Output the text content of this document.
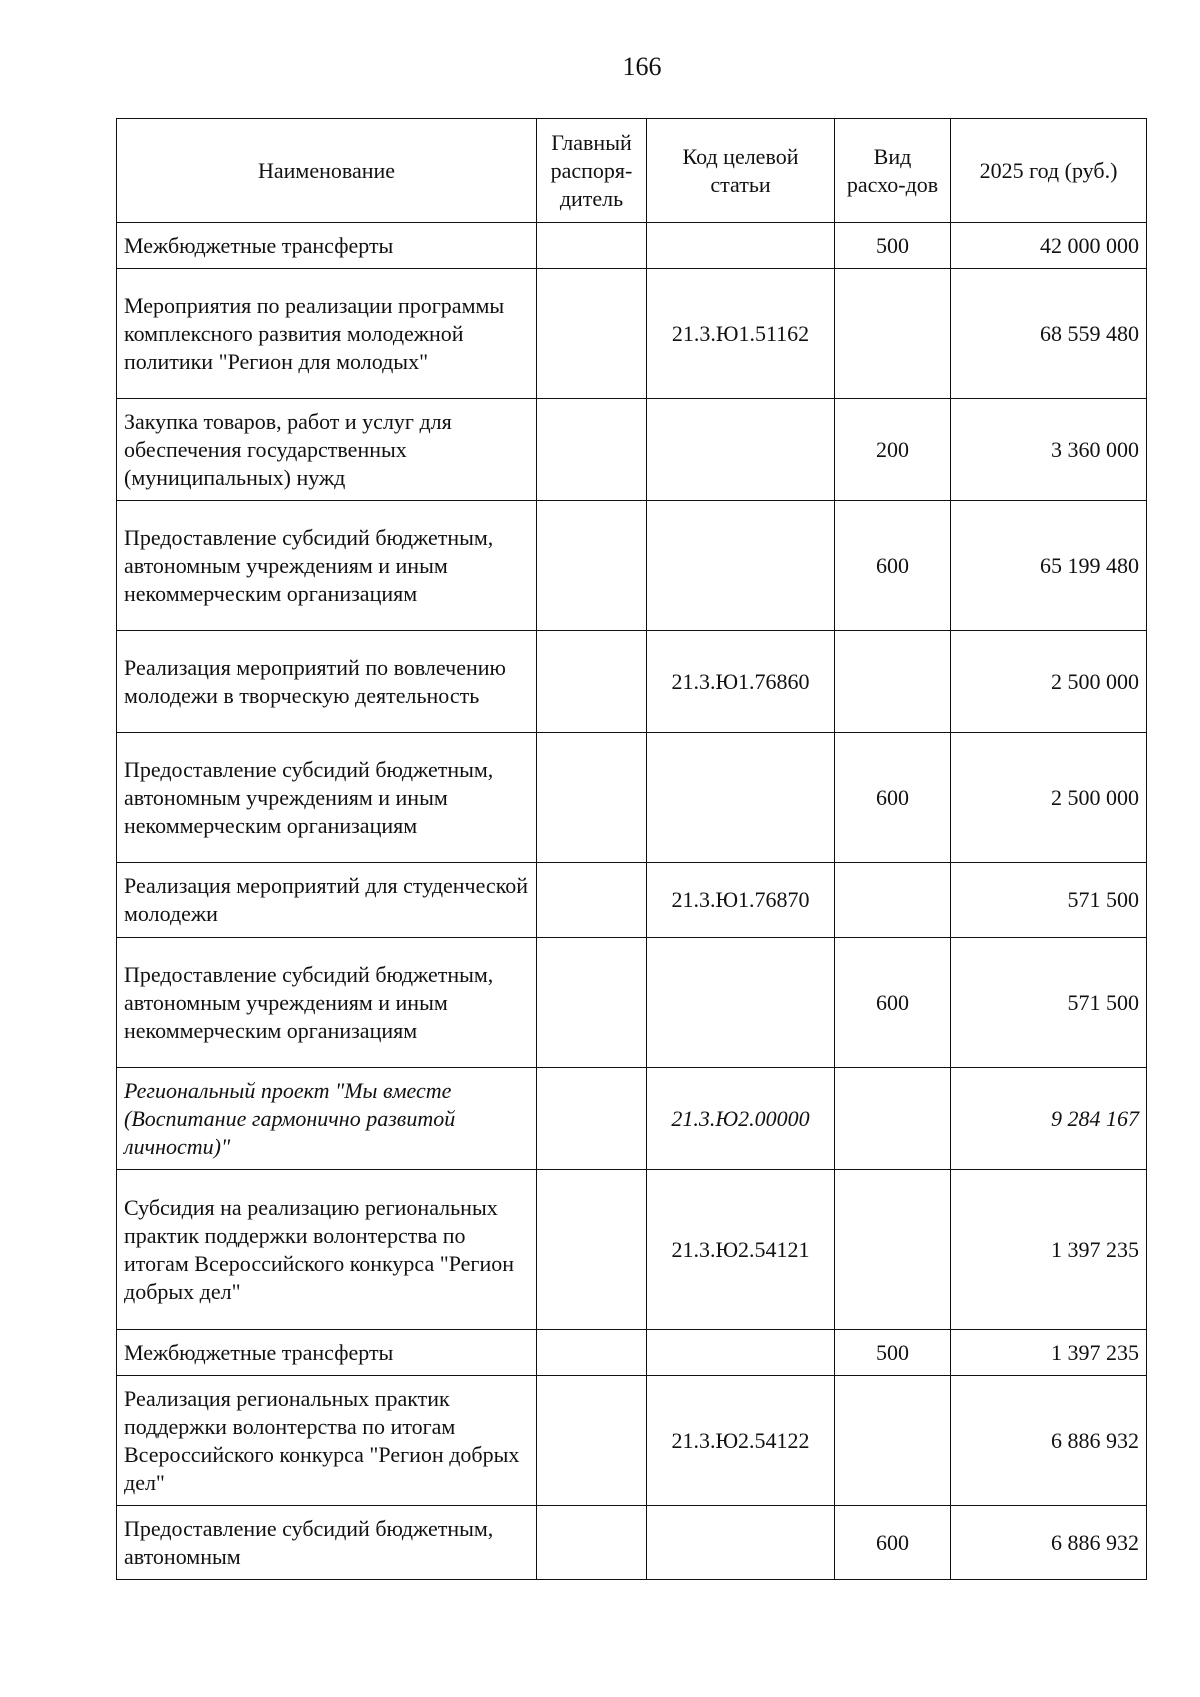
166
Наименование	Главный распоря-дитель	Код целевой статьи	Вид расхо-дов	2025 год (руб.)
Межбюджетные трансферты			500	42 000 000
Мероприятия по реализации программы комплексного развития молодежной политики "Регион для молодых"		21.3.Ю1.51162		68 559 480
Закупка товаров, работ и услуг для обеспечения государственных (муниципальных) нужд			200	3 360 000
Предоставление субсидий бюджетным, автономным учреждениям и иным некоммерческим организациям			600	65 199 480
Реализация мероприятий по вовлечению молодежи в творческую деятельность		21.3.Ю1.76860		2 500 000
Предоставление субсидий бюджетным, автономным учреждениям и иным некоммерческим организациям			600	2 500 000
Реализация мероприятий для студенческой молодежи		21.3.Ю1.76870		571 500
Предоставление субсидий бюджетным, автономным учреждениям и иным некоммерческим организациям			600	571 500
Региональный проект "Мы вместе (Воспитание гармонично развитой личности)"		21.3.Ю2.00000		9 284 167
Субсидия на реализацию региональных практик поддержки волонтерства по итогам Всероссийского конкурса "Регион добрых дел"		21.3.Ю2.54121		1 397 235
Межбюджетные трансферты			500	1 397 235
Реализация региональных практик поддержки волонтерства по итогам Всероссийского конкурса "Регион добрых дел"		21.3.Ю2.54122		6 886 932
Предоставление субсидий бюджетным, автономным			600	6 886 932
